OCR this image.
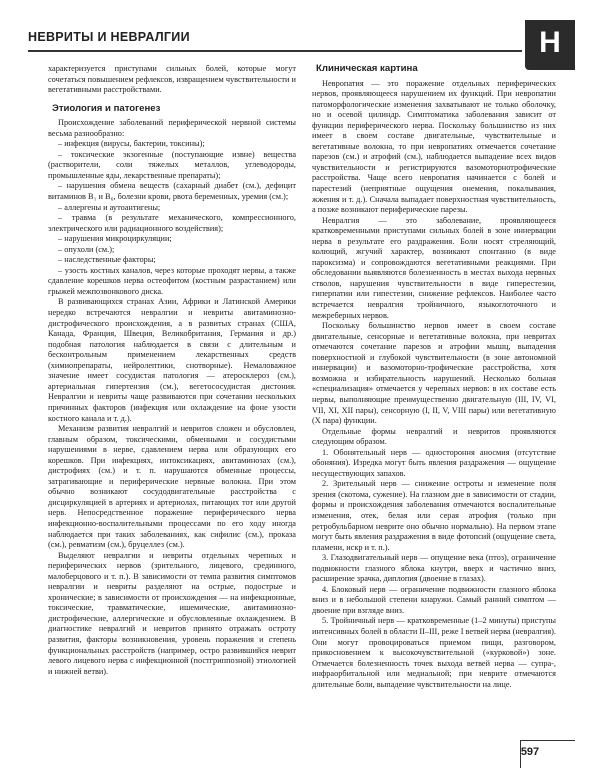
НЕВРИТЫ И НЕВРАЛГИИ	Н

характеризуется приступами сильных болей, которые могут сочетаться повышением рефлексов, извращением чувствительности и вегетативными расстройствами.

Этиология и патогенез

Происхождение заболеваний периферической нервной системы весьма разнообразно:

– инфекция (вирусы, бактерии, токсины);

– токсические экзогенные (поступающие извне) вещества (растворители, соли тяжелых металлов, углеводороды, промышленные яды, лекарственные препараты);

– нарушения обмена веществ (сахарный диабет (см.), дефицит витаминов B₁ и B₆, болезни крови, рвота беременных, уремия (см.);

– аллергены и аутоантигены;

– травма (в результате механического, компрессионного, электрического или радиационного воздействия);

– нарушения микроциркуляции;

– опухоли (см.);

– наследственные факторы;

– узость костных каналов, через которые проходят нервы, а также сдавление корешков нерва остеофитом (костным разрастанием) или грыжей межпозвонкового диска.

В развивающихся странах Азии, Африки и Латинской Америки нередко встречаются невралгии и невриты авитаминозно-дистрофического происхождения, а в развитых странах (США, Канада, Франция, Швеция, Великобритания, Германия и др.) подобная патология наблюдается в связи с длительным и бесконтрольным применением лекарственных средств (химиопрепараты, нейролептики, снотворные). Немаловажное значение имеет сосудистая патология — атеросклероз (см.), артериальная гипертензия (см.), вегетососудистая дистония. Невралгии и невриты чаще развиваются при сочетании нескольких причинных факторов (инфекция или охлаждение на фоне узости костного канала и т. д.).

Механизм развития невралгий и невритов сложен и обусловлен, главным образом, токсическими, обменными и сосудистыми нарушениями в нерве, сдавлением нерва или образующих его корешков. При инфекциях, интоксикациях, авитаминозах (см.), дистрофиях (см.) и т. п. нарушаются обменные процессы, затрагивающие и периферические нервные волокна. При этом обычно возникают сосудодвигательные расстройства с дисциркуляцией в артериях и артериолах, питающих тот или другой нерв. Непосредственное поражение периферического нерва инфекционно-воспалительными процессами по его ходу иногда наблюдается при таких заболеваниях, как сифилис (см.), проказа (см.), ревматизм (см.), бруцеллез (см.).

Выделяют невралгии и невриты отдельных черепных и периферических нервов (зрительного, лицевого, срединного, малоберцового и т. п.). В зависимости от темпа развития симптомов невралгии и невриты разделяют на острые, подострые и хронические; в зависимости от происхождения — на инфекционные, токсические, травматические, ишемические, авитаминозно-дистрофические, аллергические и обусловленные охлаждением. В диагностике невралгий и невритов принято отражать остроту развития, факторы возникновения, уровень поражения и степень функциональных расстройств (например, остро развившийся неврит левого лицевого нерва с инфекционной (постгриппозной) этиологией и нижней ветви).

Клиническая картина

Невропатия — это поражение отдельных периферических нервов, проявляющееся нарушением их функций. При невропатии патоморфологические изменения захватывают не только оболочку, но и осевой цилиндр. Симптоматика заболевания зависит от функции периферического нерва. Поскольку большинство из них имеет в своем составе двигательные, чувствительные и вегетативные волокна, то при невропатиях отмечается сочетание парезов (см.) и атрофий (см.), наблюдается выпадение всех видов чувствительности и регистрируются вазомоторнотрофические расстройства. Чаще всего невропатия начинается с болей и парестезий (неприятные ощущения онемения, покалывания, жжения и т. д.). Сначала выпадает поверхностная чувствительность, а позже возникают периферические парезы.

Невралгия — это заболевание, проявляющееся кратковременными приступами сильных болей в зоне иннервации нерва в результате его раздражения. Боли носят стреляющий, колющий, жгучий характер, возникают спонтанно (в виде пароксизма) и сопровождаются вегетативными реакциями. При обследовании выявляются болезненность в местах выхода нервных стволов, нарушения чувствительности в виде гиперестезии, гиперпатии или гипестезии, снижение рефлексов. Наиболее часто встречается невралгия тройничного, языкоглоточного и межреберных нервов.

Поскольку большинство нервов имеет в своем составе двигательные, сенсорные и вегетативные волокна, при невритах отмечаются сочетание парезов и атрофии мышц, выпадения поверхностной и глубокой чувствительности (в зоне автономной иннервации) и вазомоторно-трофические расстройства, хотя возможна и избирательность нарушений. Несколько больная «специализация» отмечается у черепных нервов: в их составе есть нервы, выполняющие преимущественно двигательную (III, IV, VI, VII, XI, XII пары), сенсорную (I, II, V, VIII пары) или вегетативную (X пара) функции.

Отдельные формы невралгий и невритов проявляются следующим образом.

1. Обонятельный нерв — одностороння аносмия (отсутствие обоняния). Изредка могут быть явления раздражения — ощущение несуществующих запахов.

2. Зрительный нерв — снижение остроты и изменение поля зрения (скотома, сужение). На глазном дне в зависимости от стадии, формы и происхождения заболевания отмечаются воспалительные изменения, отек, белая или серая атрофия (только при ретробульбарном неврите оно обычно нормально). На первом этапе могут быть явления раздражения в виде фотопсий (ощущение света, пламени, искр и т. п.).

3. Глазодвигательный нерв — опущение века (птоз), ограничение подвижности глазного яблока кнутри, вверх и частично вниз, расширение зрачка, диплопия (двоение в глазах).

4. Блоковый нерв — ограничение подвижности глазного яблока вниз и в небольшой степени кнаружи. Самый ранний симптом — двоение при взгляде вниз.

5. Тройничный нерв — кратковременные (1–2 минуты) приступы интенсивных болей в области II–III, реже I ветвей нерва (невралгия). Они могут провоцироваться приемом пищи, разговором, прикосновением к высокочувствительной («курковой») зоне. Отмечается болезненность точек выхода ветвей нерва — супра-, инфраорбитальной или медиальной; при неврите отмечаются длительные боли, выпадение чувствительности на лице.

597
